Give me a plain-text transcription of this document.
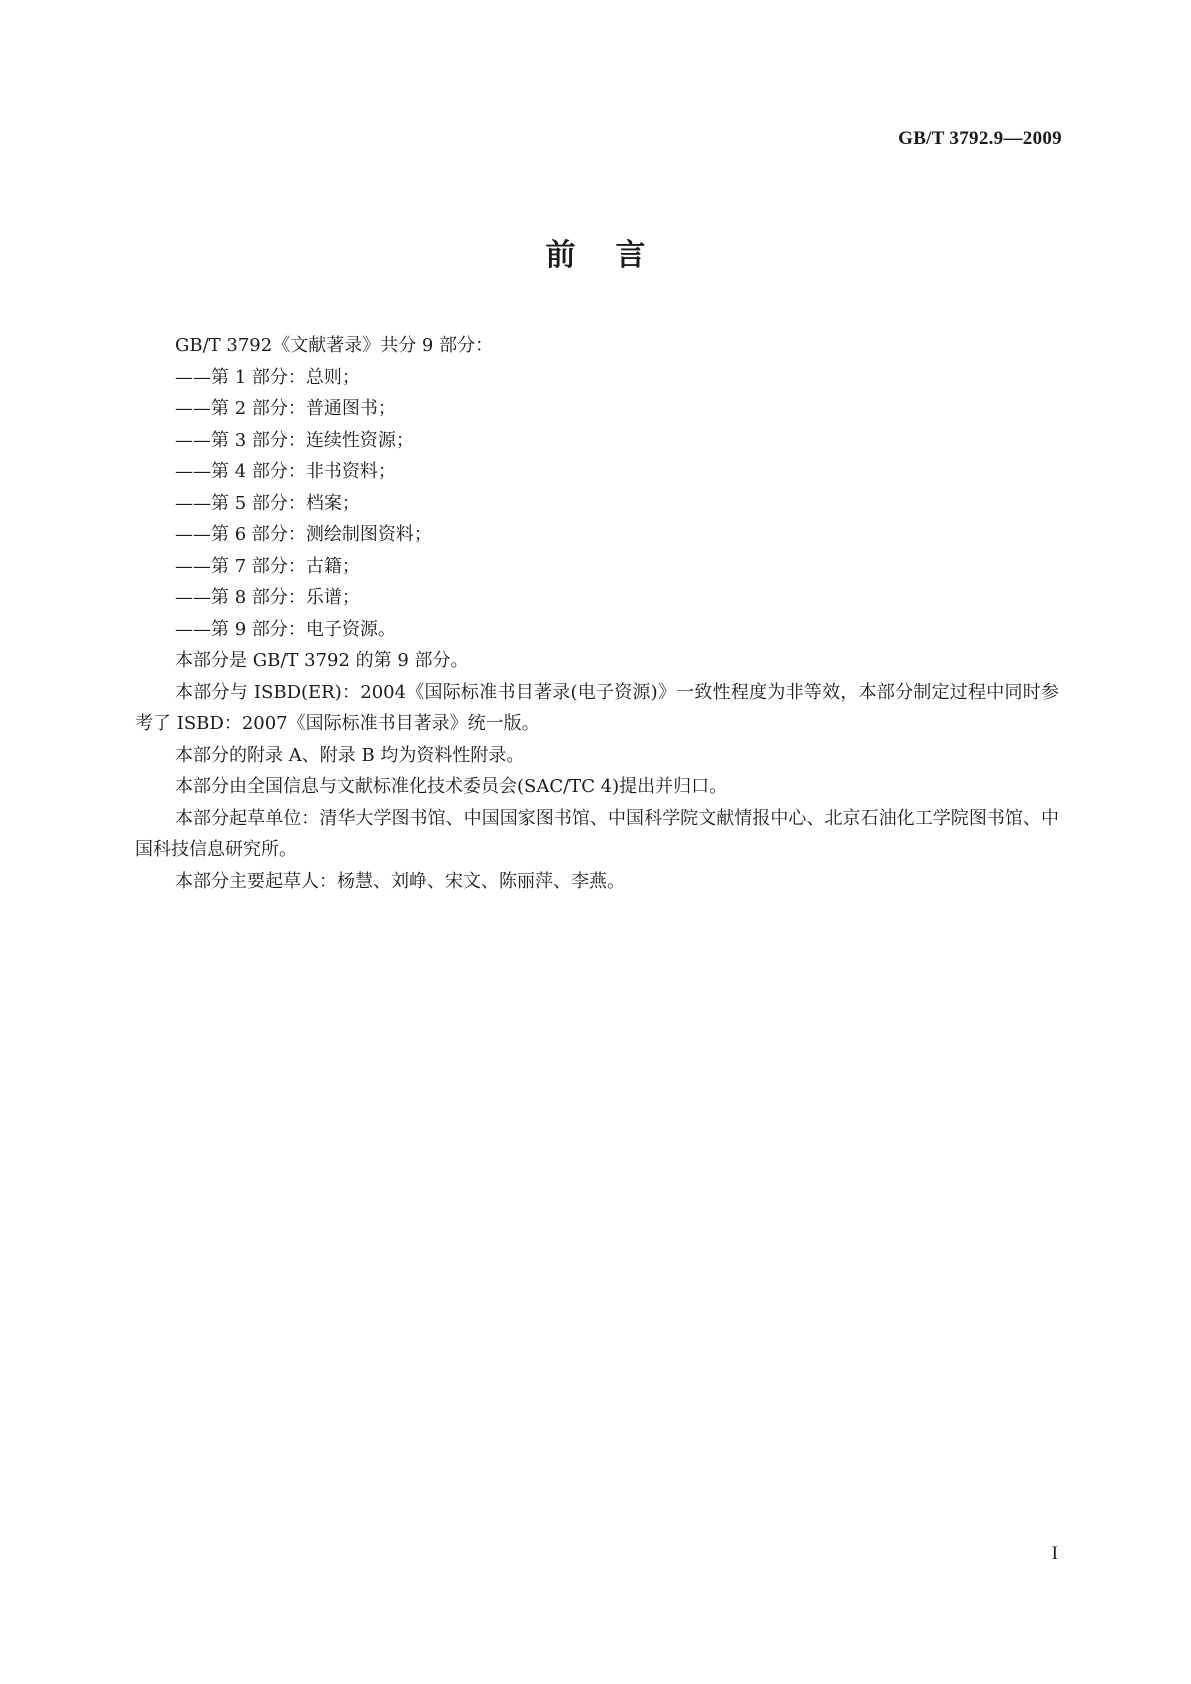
GB/T 3792.9—2009
前言

GB/T 3792《文献著录》共分 9 部分：

——第 1 部分：总则；

——第 2 部分：普通图书；

——第 3 部分：连续性资源；

——第 4 部分：非书资料；

——第 5 部分：档案；

——第 6 部分：测绘制图资料；

——第 7 部分：古籍；

——第 8 部分：乐谱；

——第 9 部分：电子资源。

本部分是 GB/T 3792 的第 9 部分。

本部分与 ISBD(ER)：2004《国际标准书目著录(电子资源)》一致性程度为非等效，本部分制定过程中同时参考了 ISBD：2007《国际标准书目著录》统一版。

本部分的附录 A、附录 B 均为资料性附录。

本部分由全国信息与文献标准化技术委员会(SAC/TC 4)提出并归口。

本部分起草单位：清华大学图书馆、中国国家图书馆、中国科学院文献情报中心、北京石油化工学院图书馆、中国科技信息研究所。

本部分主要起草人：杨慧、刘峥、宋文、陈丽萍、李燕。

I
